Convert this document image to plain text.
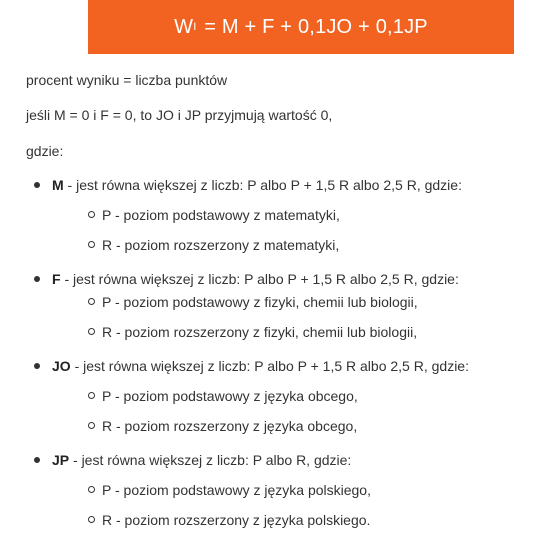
W I = M + F + 0,1JO + 0,1JP
procent wyniku = liczba punktów
jeśli M = 0 i F = 0, to JO i JP przyjmują wartość 0,
gdzie:
M - jest równa większej z liczb: P albo P + 1,5 R albo 2,5 R, gdzie:
P - poziom podstawowy z matematyki,
R - poziom rozszerzony z matematyki,
F - jest równa większej z liczb: P albo P + 1,5 R albo 2,5 R, gdzie:
P - poziom podstawowy z fizyki, chemii lub biologii,
R - poziom rozszerzony z fizyki, chemii lub biologii,
JO - jest równa większej z liczb: P albo P + 1,5 R albo 2,5 R, gdzie:
P - poziom podstawowy z języka obcego,
R - poziom rozszerzony z języka obcego,
JP - jest równa większej z liczb: P albo R, gdzie:
P - poziom podstawowy z języka polskiego,
R - poziom rozszerzony z języka polskiego.
